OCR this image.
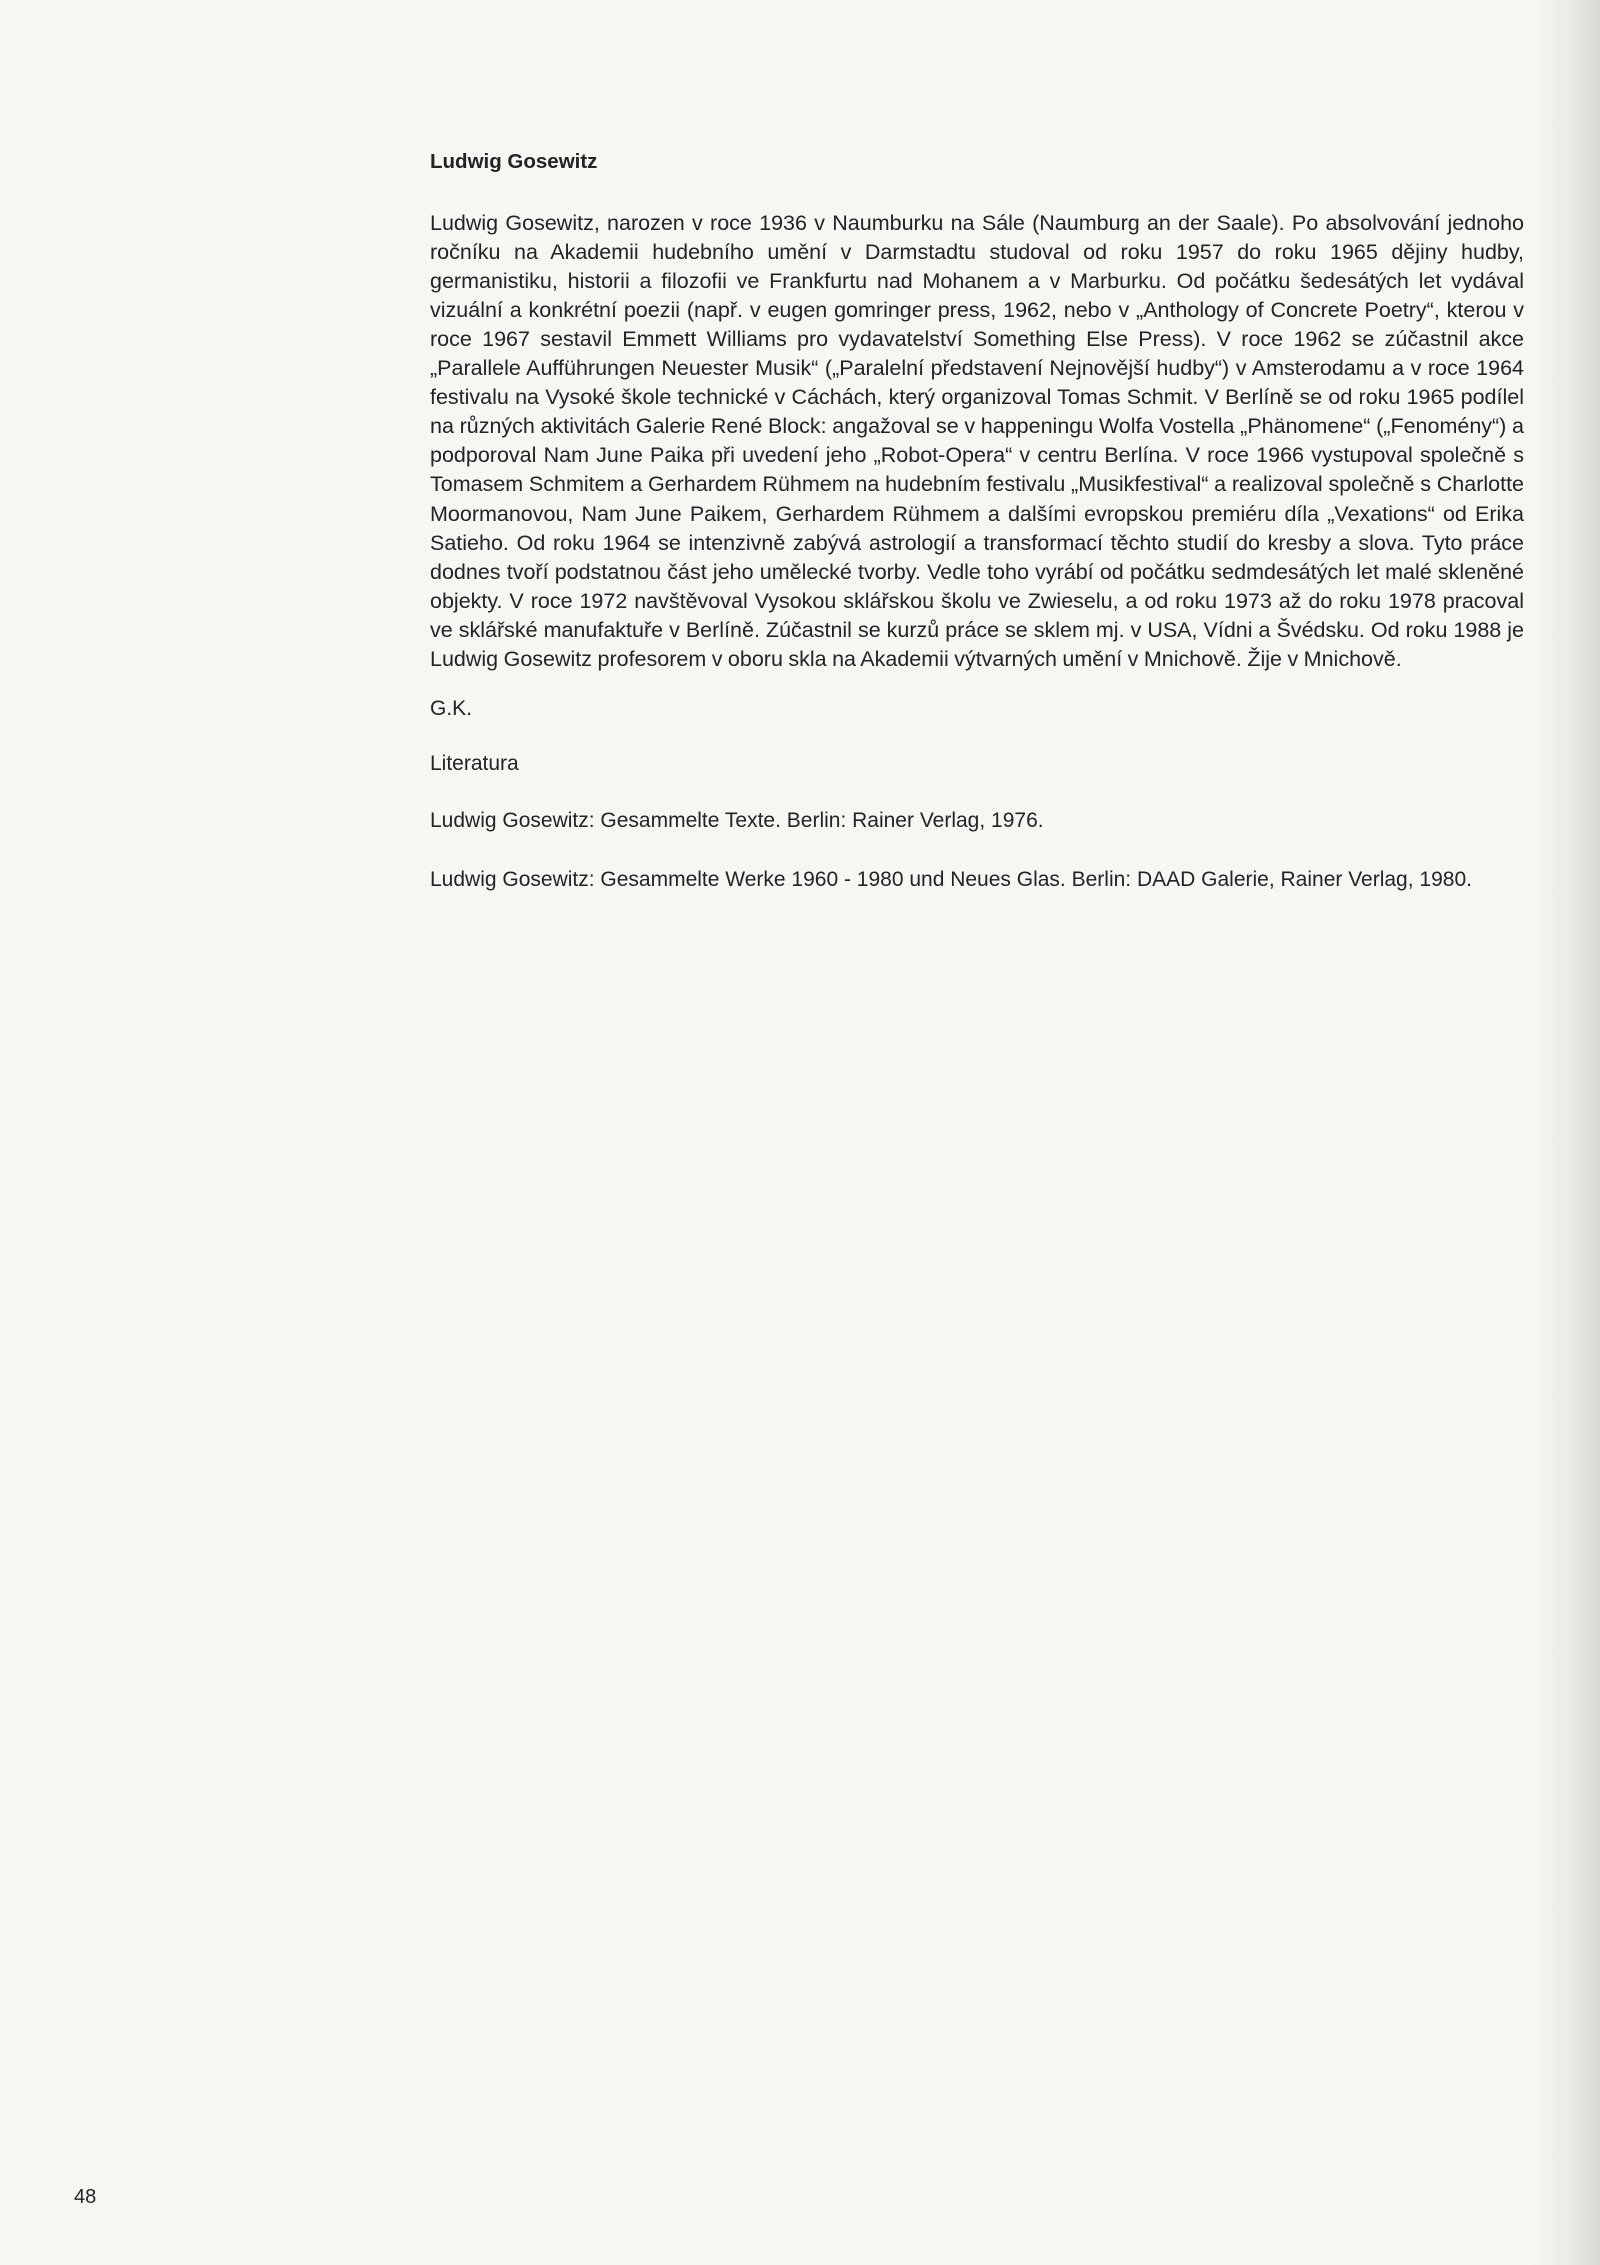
Ludwig Gosewitz

Ludwig Gosewitz, narozen v roce 1936 v Naumburku na Sále (Naumburg an der Saale). Po absolvování jednoho ročníku na Akademii hudebního umění v Darmstadtu studoval od roku 1957 do roku 1965 dějiny hudby, germanistiku, historii a filozofii ve Frankfurtu nad Mohanem a v Marburku. Od počátku šedesátých let vydával vizuální a konkrétní poezii (např. v eugen gomringer press, 1962, nebo v „Anthology of Concrete Poetry“, kterou v roce 1967 sestavil Emmett Williams pro vydavatelství Something Else Press). V roce 1962 se zúčastnil akce „Parallele Aufführungen Neuester Musik“ („Paralelní představení Nejnovější hudby“) v Amsterodamu a v roce 1964 festivalu na Vysoké škole technické v Cáchách, který organizoval Tomas Schmit. V Berlíně se od roku 1965 podílel na různých aktivitách Galerie René Block: angažoval se v happeningu Wolfa Vostella „Phänomene“ („Fenomény“) a podporoval Nam June Paika při uvedení jeho „Robot-Opera“ v centru Berlína. V roce 1966 vystupoval společně s Tomasem Schmitem a Gerhardem Rühmem na hudebním festivalu „Musikfestival“ a realizoval společně s Charlotte Moormanovou, Nam June Paikem, Gerhardem Rühmem a dalšími evropskou premiéru díla „Vexations“ od Erika Satieho. Od roku 1964 se intenzivně zabývá astrologií a transformací těchto studií do kresby a slova. Tyto práce dodnes tvoří podstatnou část jeho umělecké tvorby. Vedle toho vyrábí od počátku sedmdesátých let malé skleněné objekty. V roce 1972 navštěvoval Vysokou sklářskou školu ve Zwieselu, a od roku 1973 až do roku 1978 pracoval ve sklářské manufaktuře v Berlíně. Zúčastnil se kurzů práce se sklem mj. v USA, Vídni a Švédsku. Od roku 1988 je Ludwig Gosewitz profesorem v oboru skla na Akademii výtvarných umění v Mnichově. Žije v Mnichově.

G.K.

Literatura

Ludwig Gosewitz: Gesammelte Texte. Berlin: Rainer Verlag, 1976.
Ludwig Gosewitz: Gesammelte Werke 1960 - 1980 und Neues Glas. Berlin: DAAD Galerie, Rainer Verlag, 1980.
48
